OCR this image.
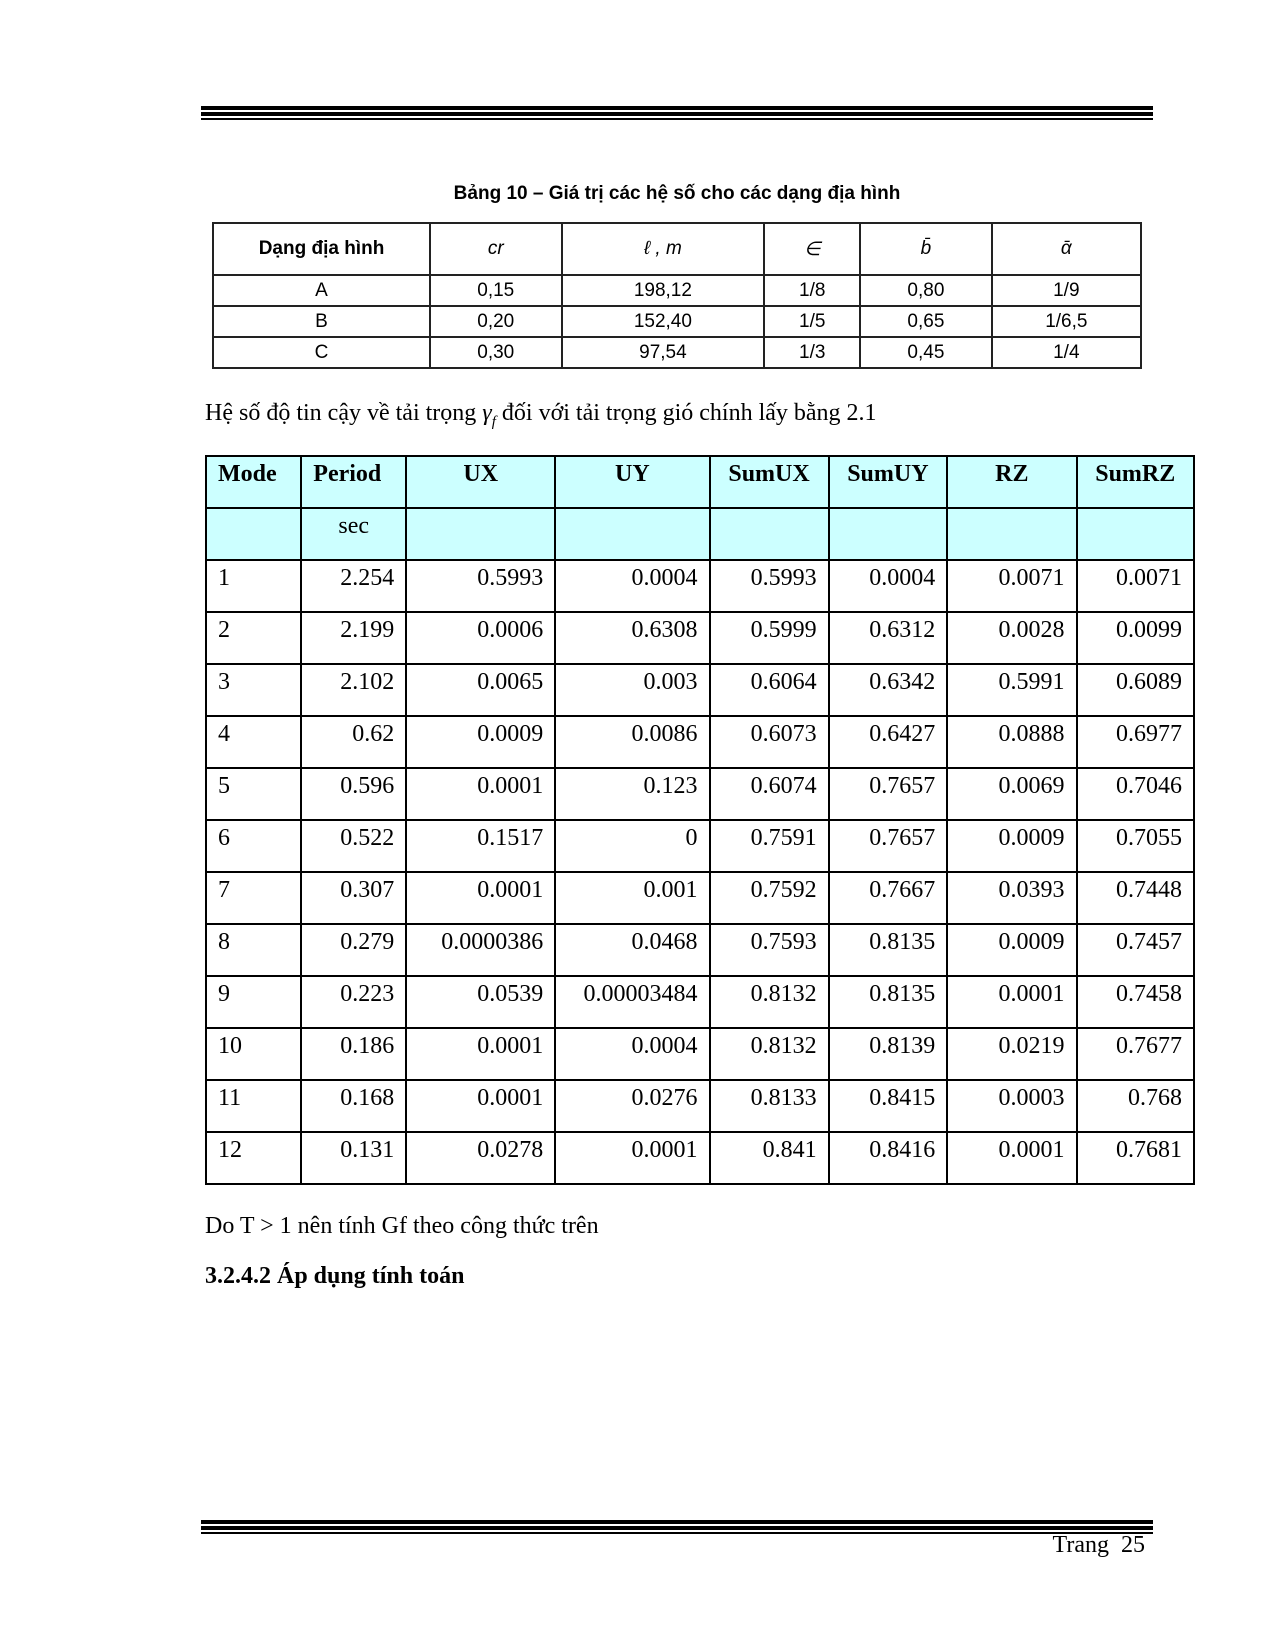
Bảng 10 – Giá trị các hệ số cho các dạng địa hình
Dạng địa hình	cr	ℓ , m	∈	b̄	ᾱ
A	0,15	198,12	1/8	0,80	1/9
B	0,20	152,40	1/5	0,65	1/6,5
C	0,30	97,54	1/3	0,45	1/4
Hệ số độ tin cậy về tải trọng $\gamma_f$ đối với tải trọng gió chính lấy bằng 2.1
Mode	Period	UX	UY	SumUX	SumUY	RZ	SumRZ
	sec						
1	2.254	0.5993	0.0004	0.5993	0.0004	0.0071	0.0071
2	2.199	0.0006	0.6308	0.5999	0.6312	0.0028	0.0099
3	2.102	0.0065	0.003	0.6064	0.6342	0.5991	0.6089
4	0.62	0.0009	0.0086	0.6073	0.6427	0.0888	0.6977
5	0.596	0.0001	0.123	0.6074	0.7657	0.0069	0.7046
6	0.522	0.1517	0	0.7591	0.7657	0.0009	0.7055
7	0.307	0.0001	0.001	0.7592	0.7667	0.0393	0.7448
8	0.279	0.0000386	0.0468	0.7593	0.8135	0.0009	0.7457
9	0.223	0.0539	0.00003484	0.8132	0.8135	0.0001	0.7458
10	0.186	0.0001	0.0004	0.8132	0.8139	0.0219	0.7677
11	0.168	0.0001	0.0276	0.8133	0.8415	0.0003	0.768
12	0.131	0.0278	0.0001	0.841	0.8416	0.0001	0.7681
Do T > 1 nên tính Gf theo công thức trên
3.2.4.2 Áp dụng tính toán
Trang 25
